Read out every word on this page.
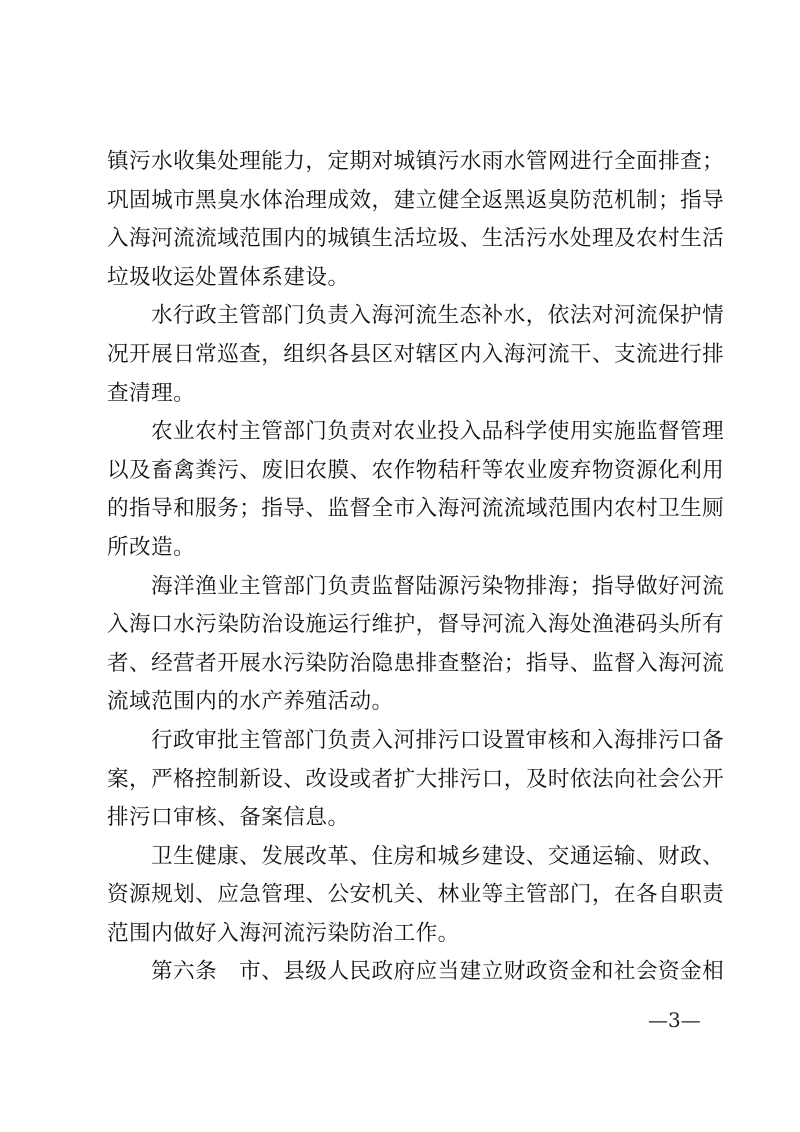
镇污水收集处理能力，定期对城镇污水雨水管网进行全面排查；
巩固城市黑臭水体治理成效，建立健全返黑返臭防范机制；指导
入海河流流域范围内的城镇生活垃圾、生活污水处理及农村生活
垃圾收运处置体系建设。
水行政主管部门负责入海河流生态补水，依法对河流保护情
况开展日常巡查，组织各县区对辖区内入海河流干、支流进行排
查清理。
农业农村主管部门负责对农业投入品科学使用实施监督管理
以及畜禽粪污、废旧农膜、农作物秸秆等农业废弃物资源化利用
的指导和服务；指导、监督全市入海河流流域范围内农村卫生厕
所改造。
海洋渔业主管部门负责监督陆源污染物排海；指导做好河流
入海口水污染防治设施运行维护，督导河流入海处渔港码头所有
者、经营者开展水污染防治隐患排查整治；指导、监督入海河流
流域范围内的水产养殖活动。
行政审批主管部门负责入河排污口设置审核和入海排污口备
案，严格控制新设、改设或者扩大排污口，及时依法向社会公开
排污口审核、备案信息。
卫生健康、发展改革、住房和城乡建设、交通运输、财政、
资源规划、应急管理、公安机关、林业等主管部门，在各自职责
范围内做好入海河流污染防治工作。
第六条　市、县级人民政府应当建立财政资金和社会资金相
—3—
